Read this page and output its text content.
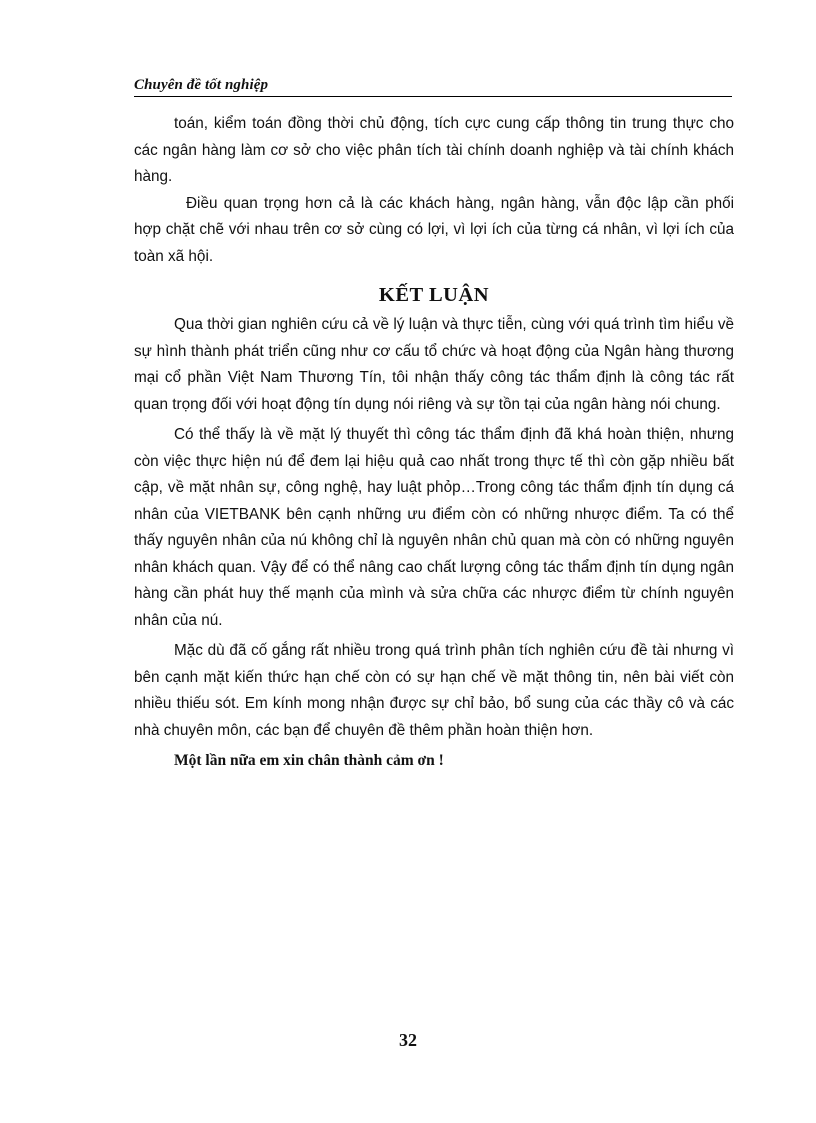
Chuyên đề tốt nghiệp

toán, kiểm toán đồng thời chủ động, tích cực cung cấp thông tin trung thực cho các ngân hàng làm cơ sở cho việc phân tích tài chính doanh nghiệp và tài chính khách hàng.

Điều quan trọng hơn cả là các khách hàng, ngân hàng, vẫn độc lập cần phối hợp chặt chẽ với nhau trên cơ sở cùng có lợi, vì lợi ích của từng cá nhân, vì lợi ích của toàn xã hội.

KẾT LUẬN

Qua thời gian nghiên cứu cả về lý luận và thực tiễn, cùng với quá trình tìm hiểu về sự hình thành phát triển cũng như cơ cấu tổ chức và hoạt động của Ngân hàng thương mại cổ phần Việt Nam Thương Tín, tôi nhận thấy công tác thẩm định là công tác rất quan trọng đối với hoạt động tín dụng nói riêng và sự tồn tại của ngân hàng nói chung.

Có thể thấy là về mặt lý thuyết thì công tác thẩm định đã khá hoàn thiện, nhưng còn việc thực hiện nú để đem lại hiệu quả cao nhất trong thực tế thì còn gặp nhiều bất cập, về mặt nhân sự, công nghệ, hay luật phỏp…Trong công tác thẩm định tín dụng cá nhân của VIETBANK bên cạnh những ưu điểm còn có những nhược điểm. Ta có thể thấy nguyên nhân của nú không chỉ là nguyên nhân chủ quan mà còn có những nguyên nhân khách quan. Vậy để có thể nâng cao chất lượng công tác thẩm định tín dụng ngân hàng cần phát huy thế mạnh của mình và sửa chữa các nhược điểm từ chính nguyên nhân của nú.

Mặc dù đã cố gắng rất nhiều trong quá trình phân tích nghiên cứu đề tài nhưng vì bên cạnh mặt kiến thức hạn chế còn có sự hạn chế về mặt thông tin, nên bài viết còn nhiều thiếu sót. Em kính mong nhận được sự chỉ bảo, bổ sung của các thầy cô và các nhà chuyên môn, các bạn để chuyên đề thêm phần hoàn thiện hơn.

Một lần nữa em xin chân thành cảm ơn !

32
